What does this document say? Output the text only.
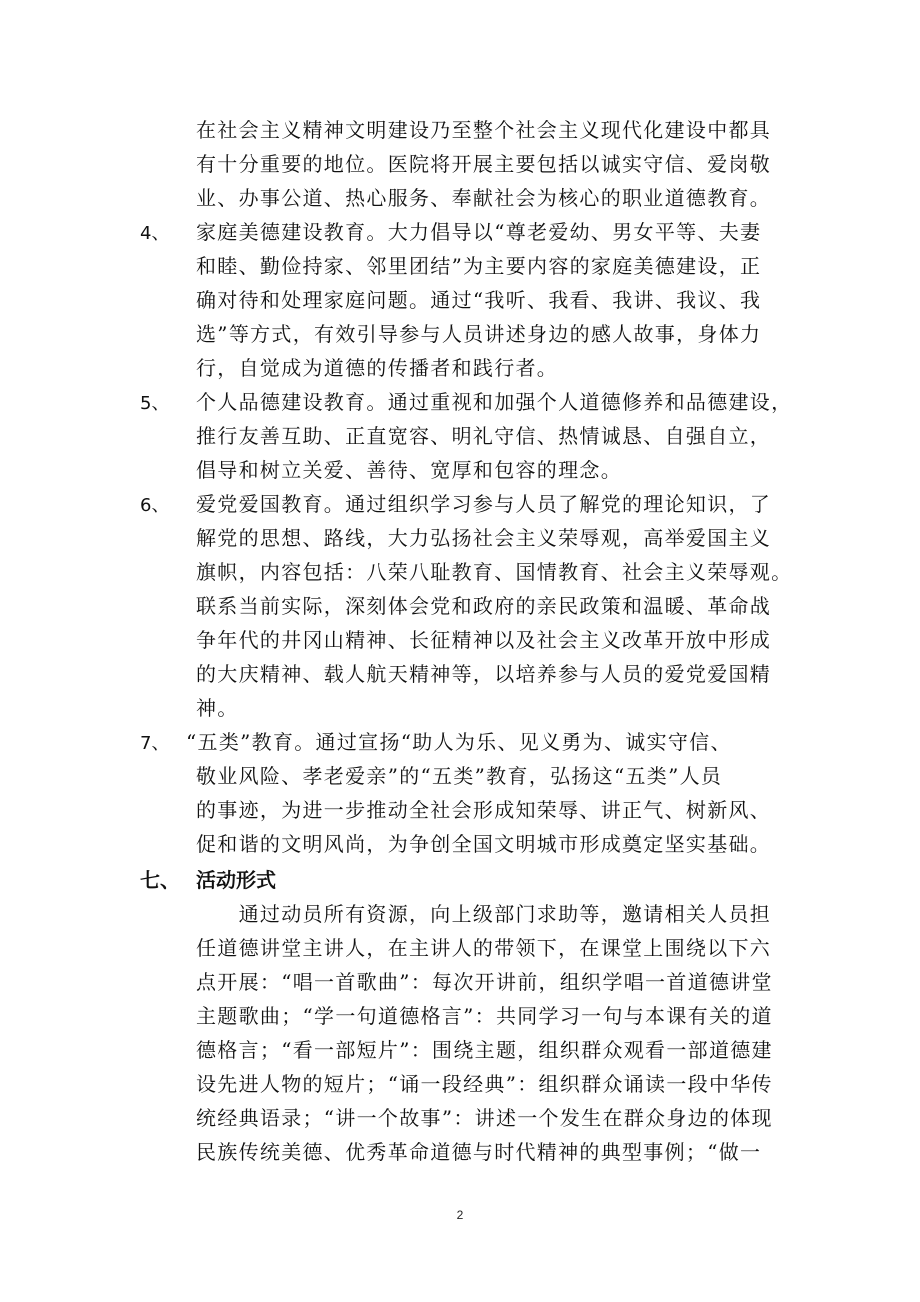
在社会主义精神文明建设乃至整个社会主义现代化建设中都具
有十分重要的地位。医院将开展主要包括以诚实守信、爱岗敬
业、办事公道、热心服务、奉献社会为核心的职业道德教育。
4、 家庭美德建设教育。大力倡导以“尊老爱幼、男女平等、夫妻
和睦、勤俭持家、邻里团结”为主要内容的家庭美德建设，正
确对待和处理家庭问题。通过“我听、我看、我讲、我议、我
选”等方式，有效引导参与人员讲述身边的感人故事，身体力
行，自觉成为道德的传播者和践行者。
5、 个人品德建设教育。通过重视和加强个人道德修养和品德建设，
推行友善互助、正直宽容、明礼守信、热情诚恳、自强自立，
倡导和树立关爱、善待、宽厚和包容的理念。
6、 爱党爱国教育。通过组织学习参与人员了解党的理论知识，了
解党的思想、路线，大力弘扬社会主义荣辱观，高举爱国主义
旗帜，内容包括：八荣八耻教育、国情教育、社会主义荣辱观。
联系当前实际，深刻体会党和政府的亲民政策和温暖、革命战
争年代的井冈山精神、长征精神以及社会主义改革开放中形成
的大庆精神、载人航天精神等，以培养参与人员的爱党爱国精
神。
7、 “五类”教育。通过宣扬“助人为乐、见义勇为、诚实守信、
敬业风险、孝老爱亲”的“五类”教育，弘扬这“五类”人员
的事迹，为进一步推动全社会形成知荣辱、讲正气、树新风、
促和谐的文明风尚，为争创全国文明城市形成奠定坚实基础。
七、 活动形式
　　通过动员所有资源，向上级部门求助等，邀请相关人员担
任道德讲堂主讲人，在主讲人的带领下，在课堂上围绕以下六
点开展：“唱一首歌曲”：每次开讲前，组织学唱一首道德讲堂
主题歌曲；“学一句道德格言”：共同学习一句与本课有关的道
德格言；“看一部短片”：围绕主题，组织群众观看一部道德建
设先进人物的短片；“诵一段经典”：组织群众诵读一段中华传
统经典语录；“讲一个故事”：讲述一个发生在群众身边的体现
民族传统美德、优秀革命道德与时代精神的典型事例；“做一
2
